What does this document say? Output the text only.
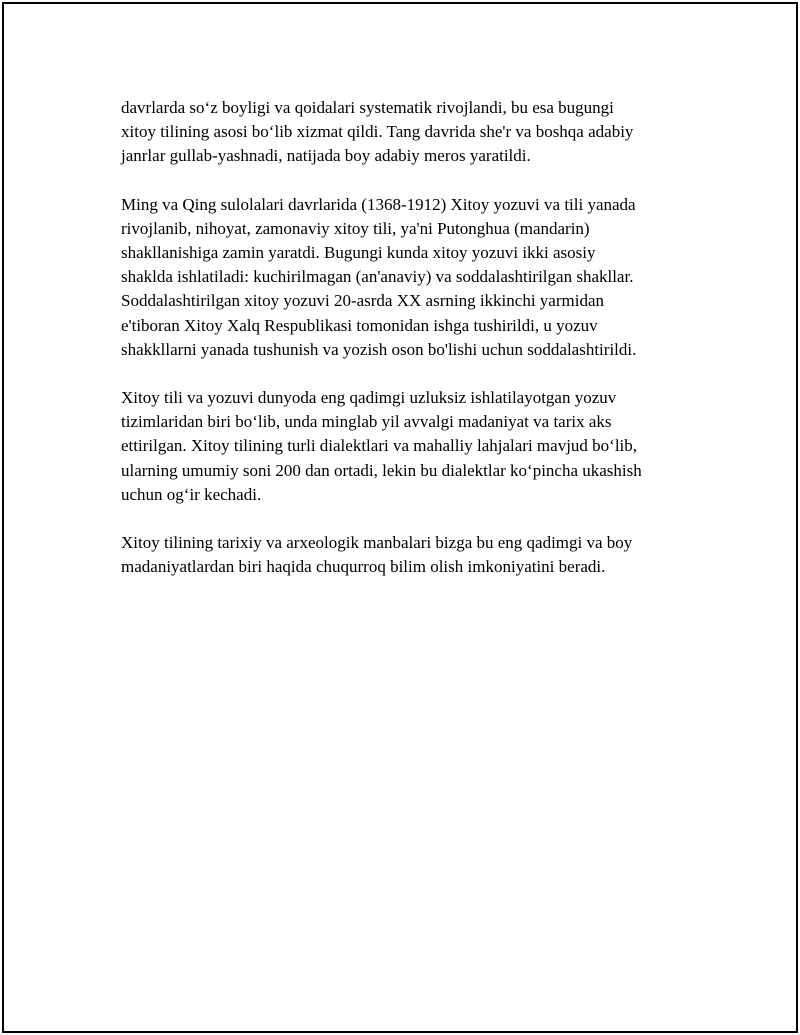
davrlarda so‘z boyligi va qoidalari systematik rivojlandi, bu esa bugungi
xitoy tilining asosi bo‘lib xizmat qildi. Tang davrida she'r va boshqa adabiy
janrlar gullab-yashnadi, natijada boy adabiy meros yaratildi.

Ming va Qing sulolalari davrlarida (1368-1912) Xitoy yozuvi va tili yanada
rivojlanib, nihoyat, zamonaviy xitoy tili, ya'ni Putonghua (mandarin)
shakllanishiga zamin yaratdi. Bugungi kunda xitoy yozuvi ikki asosiy
shaklda ishlatiladi: kuchirilmagan (an'anaviy) va soddalashtirilgan shakllar.
Soddalashtirilgan xitoy yozuvi 20-asrda XX asrning ikkinchi yarmidan
e'tiboran Xitoy Xalq Respublikasi tomonidan ishga tushirildi, u yozuv
shakkllarni yanada tushunish va yozish oson bo'lishi uchun soddalashtirildi.

Xitoy tili va yozuvi dunyoda eng qadimgi uzluksiz ishlatilayotgan yozuv
tizimlaridan biri bo‘lib, unda minglab yil avvalgi madaniyat va tarix aks
ettirilgan. Xitoy tilining turli dialektlari va mahalliy lahjalari mavjud bo‘lib,
ularning umumiy soni 200 dan ortadi, lekin bu dialektlar ko‘pincha ukashish
uchun og‘ir kechadi.

Xitoy tilining tarixiy va arxeologik manbalari bizga bu eng qadimgi va boy
madaniyatlardan biri haqida chuqurroq bilim olish imkoniyatini beradi.
